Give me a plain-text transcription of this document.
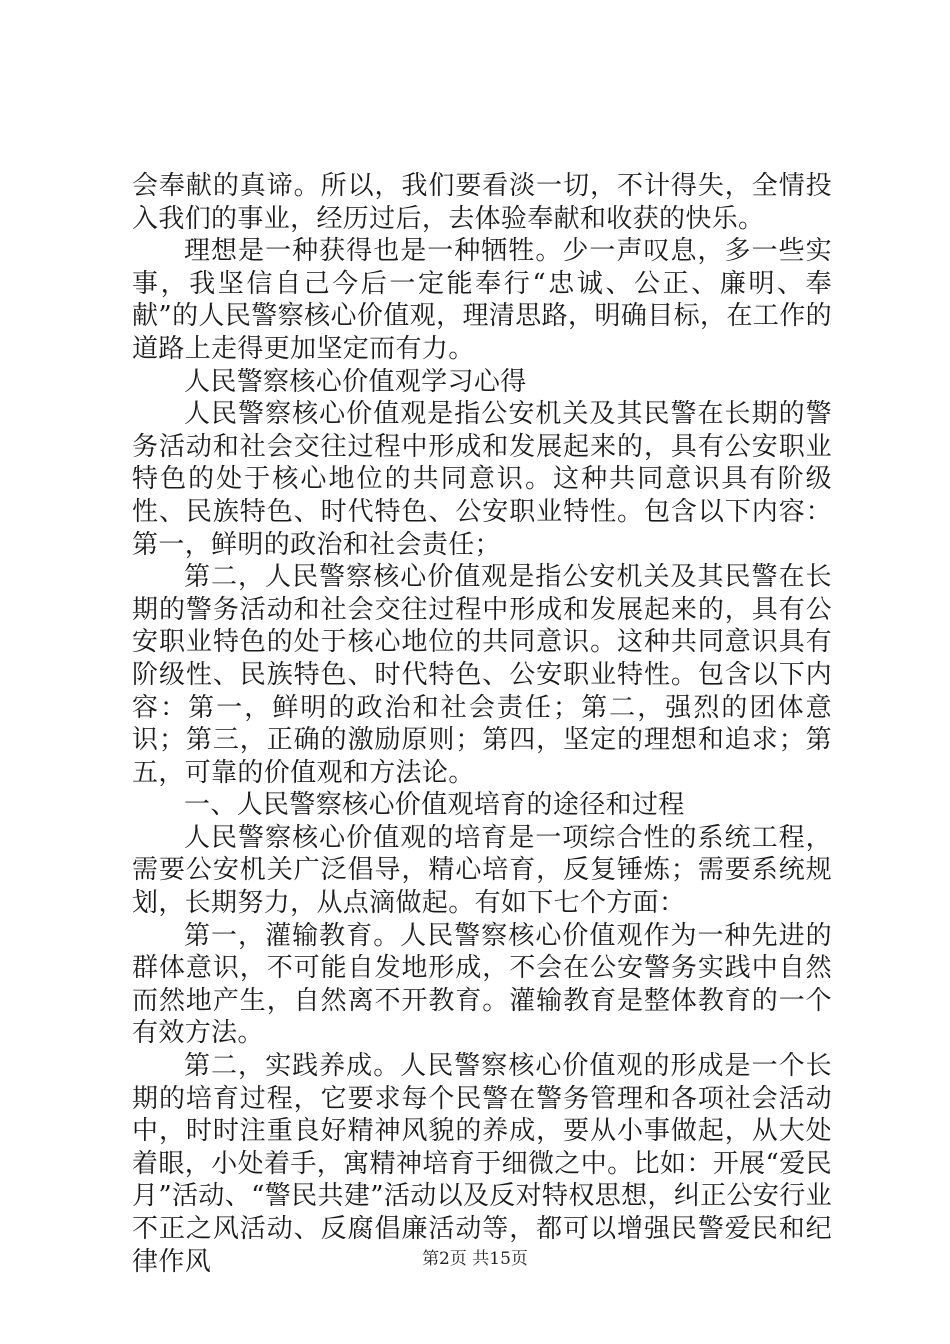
会奉献的真谛。所以，我们要看淡一切，不计得失，全情投入我们的事业，经历过后，去体验奉献和收获的快乐。

理想是一种获得也是一种牺牲。少一声叹息，多一些实事，我坚信自己今后一定能奉行“忠诚、公正、廉明、奉献”的人民警察核心价值观，理清思路，明确目标，在工作的道路上走得更加坚定而有力。

人民警察核心价值观学习心得

人民警察核心价值观是指公安机关及其民警在长期的警务活动和社会交往过程中形成和发展起来的，具有公安职业特色的处于核心地位的共同意识。这种共同意识具有阶级性、民族特色、时代特色、公安职业特性。包含以下内容：第一，鲜明的政治和社会责任；

第二，人民警察核心价值观是指公安机关及其民警在长期的警务活动和社会交往过程中形成和发展起来的，具有公安职业特色的处于核心地位的共同意识。这种共同意识具有阶级性、民族特色、时代特色、公安职业特性。包含以下内容：第一，鲜明的政治和社会责任；第二，强烈的团体意识；第三，正确的激励原则；第四，坚定的理想和追求；第五，可靠的价值观和方法论。

一、人民警察核心价值观培育的途径和过程

人民警察核心价值观的培育是一项综合性的系统工程，需要公安机关广泛倡导，精心培育，反复锤炼；需要系统规划，长期努力，从点滴做起。有如下七个方面：

第一，灌输教育。人民警察核心价值观作为一种先进的群体意识，不可能自发地形成，不会在公安警务实践中自然而然地产生，自然离不开教育。灌输教育是整体教育的一个有效方法。

第二，实践养成。人民警察核心价值观的形成是一个长期的培育过程，它要求每个民警在警务管理和各项社会活动中，时时注重良好精神风貌的养成，要从小事做起，从大处着眼，小处着手，寓精神培育于细微之中。比如：开展“爱民月”活动、“警民共建”活动以及反对特权思想，纠正公安行业不正之风活动、反腐倡廉活动等，都可以增强民警爱民和纪律作风	第2页 共15页
